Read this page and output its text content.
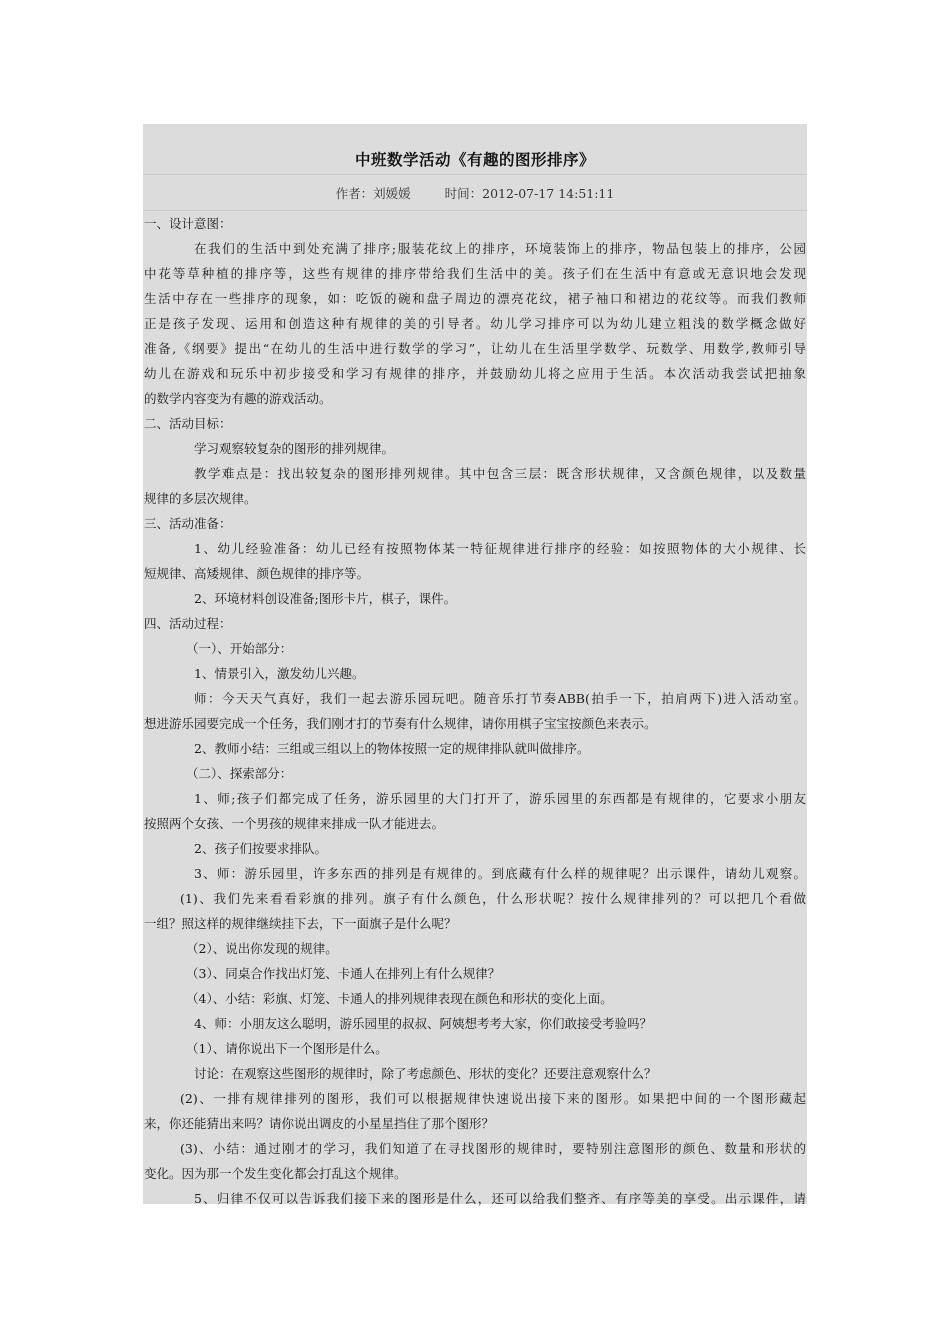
中班数学活动《有趣的图形排序》
作者：刘媛媛	时间：2012-07-17 14:51:11

一、设计意图：

在我们的生活中到处充满了排序;服装花纹上的排序，环境装饰上的排序，物品包装上的排序，公园

中花等草种植的排序等，这些有规律的排序带给我们生活中的美。孩子们在生活中有意或无意识地会发现

生活中存在一些排序的现象，如：吃饭的碗和盘子周边的漂亮花纹，裙子袖口和裙边的花纹等。而我们教师

正是孩子发现、运用和创造这种有规律的美的引导者。幼儿学习排序可以为幼儿建立粗浅的数学概念做好

准备,《纲要》提出“在幼儿的生活中进行数学的学习”，让幼儿在生活里学数学、玩数学、用数学,教师引导

幼儿在游戏和玩乐中初步接受和学习有规律的排序，并鼓励幼儿将之应用于生活。本次活动我尝试把抽象

的数学内容变为有趣的游戏活动。

二、活动目标：

学习观察较复杂的图形的排列规律。

教学难点是：找出较复杂的图形排列规律。其中包含三层：既含形状规律，又含颜色规律，以及数量

规律的多层次规律。

三、活动准备：

1、幼儿经验准备：幼儿已经有按照物体某一特征规律进行排序的经验：如按照物体的大小规律、长

短规律、高矮规律、颜色规律的排序等。

2、环境材料创设准备;图形卡片，棋子，课件。

四、活动过程：

（一）、开始部分：

1、情景引入，激发幼儿兴趣。

师：今天天气真好，我们一起去游乐园玩吧。随音乐打节奏ABB(拍手一下，拍肩两下)进入活动室。

想进游乐园要完成一个任务，我们刚才打的节奏有什么规律，请你用棋子宝宝按颜色来表示。

2、教师小结：三组或三组以上的物体按照一定的规律排队就叫做排序。

（二）、探索部分：

1、师;孩子们都完成了任务，游乐园里的大门打开了，游乐园里的东西都是有规律的，它要求小朋友

按照两个女孩、一个男孩的规律来排成一队才能进去。

2、孩子们按要求排队。

3、师：游乐园里，许多东西的排列是有规律的。到底藏有什么样的规律呢？出示课件，请幼儿观察。

(1)、我们先来看看彩旗的排列。旗子有什么颜色，什么形状呢？按什么规律排列的？可以把几个看做

一组？照这样的规律继续挂下去，下一面旗子是什么呢？

（2）、说出你发现的规律。

（3）、同桌合作找出灯笼、卡通人在排列上有什么规律？

（4）、小结：彩旗、灯笼、卡通人的排列规律表现在颜色和形状的变化上面。

4、师：小朋友这么聪明，游乐园里的叔叔、阿姨想考考大家，你们敢接受考验吗？

（1）、请你说出下一个图形是什么。

讨论：在观察这些图形的规律时，除了考虑颜色、形状的变化？还要注意观察什么？

(2)、一排有规律排列的图形，我们可以根据规律快速说出接下来的图形。如果把中间的一个图形藏起

来，你还能猜出来吗？请你说出调皮的小星星挡住了那个图形？

(3)、小结：通过刚才的学习，我们知道了在寻找图形的规律时，要特别注意图形的颜色、数量和形状的

变化。因为那一个发生变化都会打乱这个规律。

5、归律不仅可以告诉我们接下来的图形是什么，还可以给我们整齐、有序等美的享受。出示课件，请
